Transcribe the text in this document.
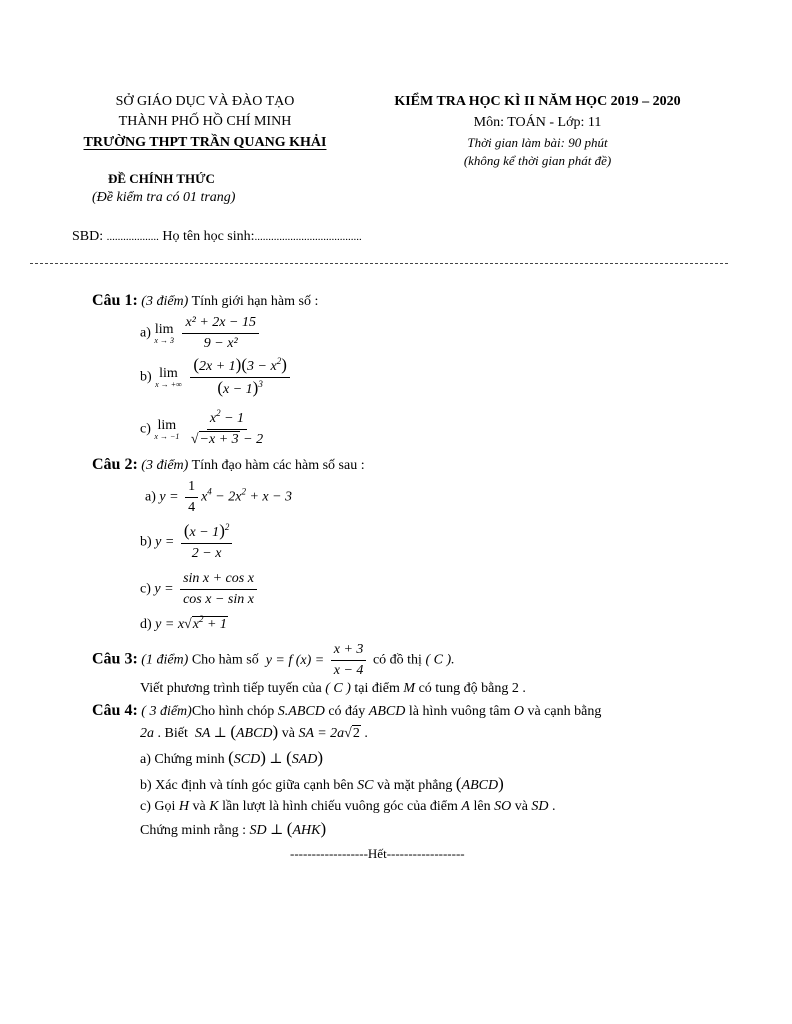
SỞ GIÁO DỤC VÀ ĐÀO TẠO
THÀNH PHỐ HỒ CHÍ MINH
TRƯỜNG THPT TRẦN QUANG KHẢI
ĐỀ CHÍNH THỨC
(Đề kiểm tra có 01 trang)
KIỂM TRA HỌC KÌ II NĂM HỌC 2019 – 2020
Môn: TOÁN - Lớp: 11
Thời gian làm bài: 90 phút
(không kể thời gian phát đề)
SBD: ................... Họ tên học sinh:.......................................
Câu 1: (3 điểm) Tính giới hạn hàm số :
a) lim
x → 3
$\frac{\text{x² + 2x − 15}}{\text{9 − x²}}$
b) lim
x → +∞
$\frac{(2x + 1)(3 - x^2)}{(x - 1)^3}$
c) lim
x → −1
$\frac{x^2 - 1}{√-x + 3 - 2}$
Câu 2: (3 điểm) Tính đạo hàm các hàm số sau :
a) $y = \frac{1}{4} x^4 - 2x^2 + x - 3$
b) $y = \frac{(x - 1)^2}{2 - x}$
c) $y = \frac{\text{sin x + cos x}}{\text{cos x − sin x}}$
d) $y = x√x^2 + 1$
Câu 3: (1 điểm) Cho hàm số  y = f $(x) = \frac{x + 3}{x - 4}$ có đồ thị ( C ).
Viết phương trình tiếp tuyến của ( C ) tại điểm M có tung độ bằng 2 .
Câu 4: ( 3 điểm)Cho hình chóp S.ABCD có đáy ABCD là hình vuông tâm O và cạnh bằng
2a . Biết  SA ⊥ (ABCD) và SA = 2a√2 .
a) Chứng minh (SCD) ⊥ (SAD)
b) Xác định và tính góc giữa cạnh bên SC và mặt phẳng (ABCD)
c) Gọi H và K lần lượt là hình chiếu vuông góc của điểm A lên SO và SD .
Chứng minh rằng : SD ⊥ (AHK)
------------------Hết------------------
